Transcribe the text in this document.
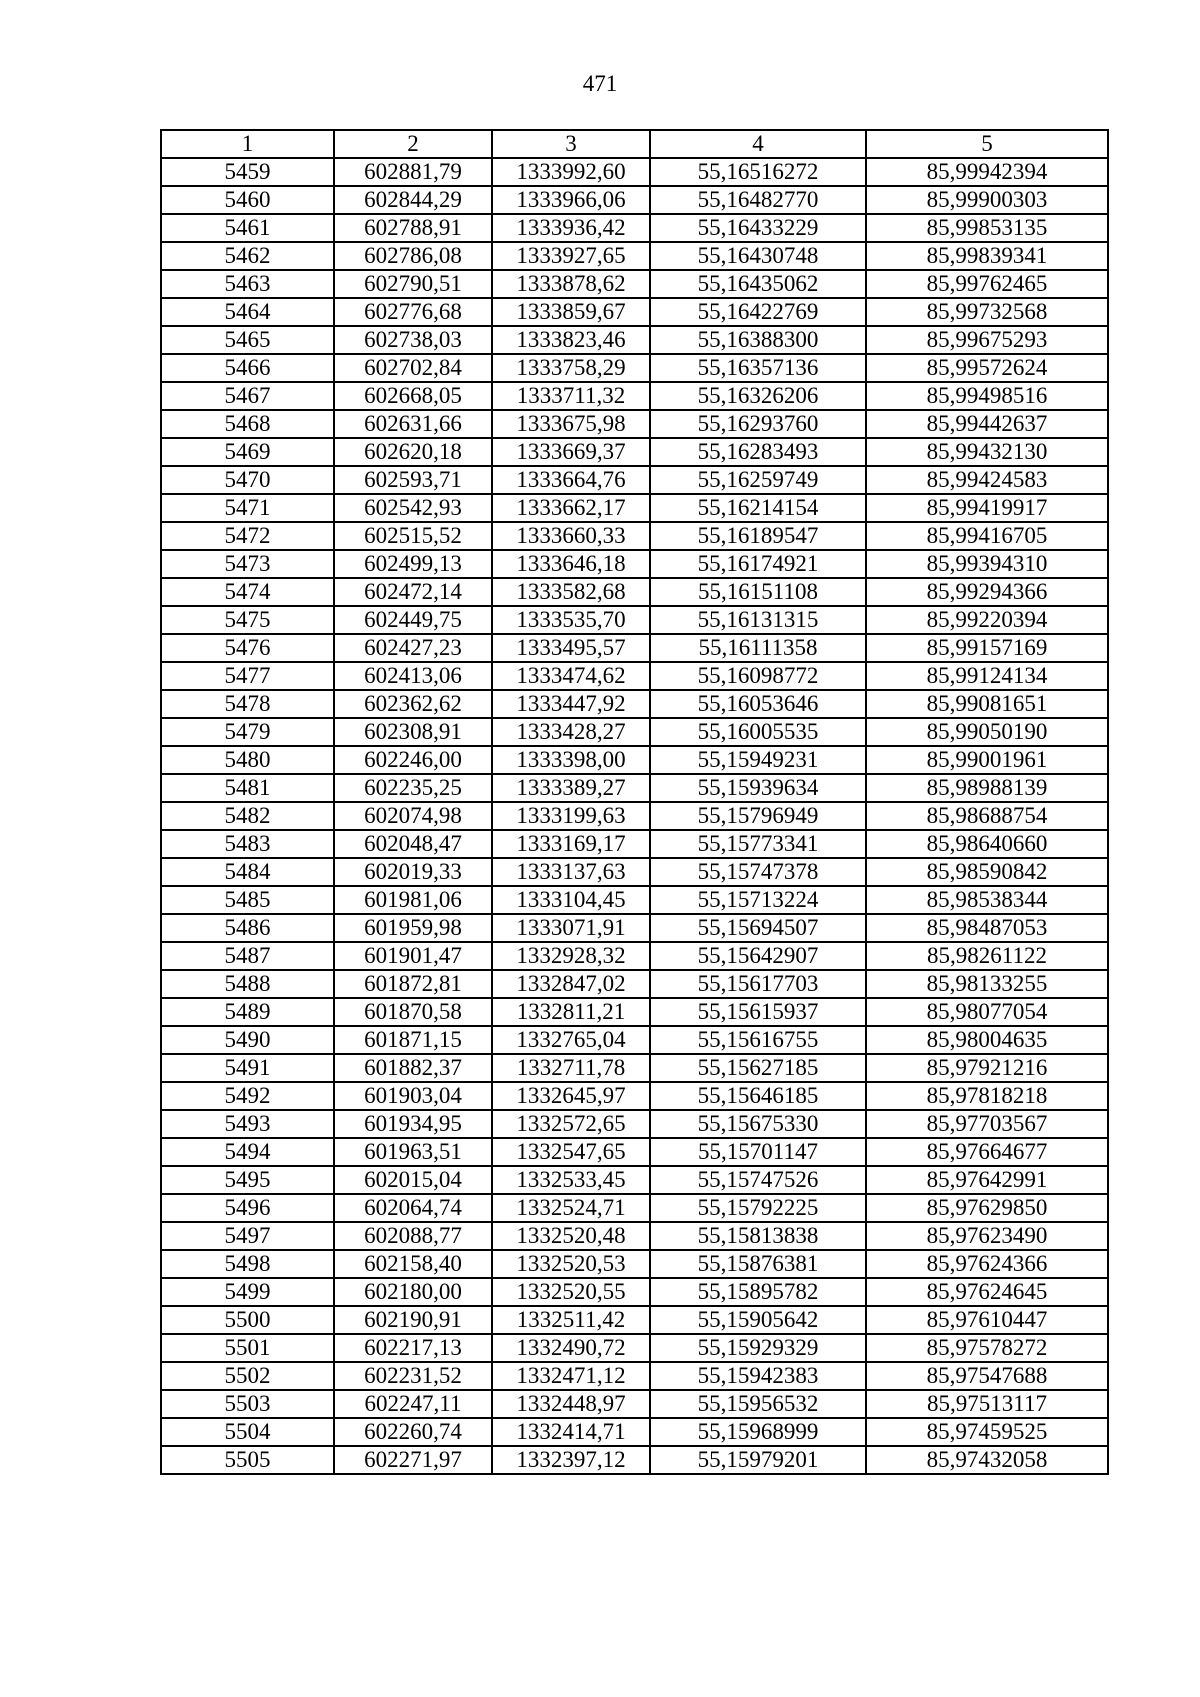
471
1	2	3	4	5
5459	602881,79	1333992,60	55,16516272	85,99942394
5460	602844,29	1333966,06	55,16482770	85,99900303
5461	602788,91	1333936,42	55,16433229	85,99853135
5462	602786,08	1333927,65	55,16430748	85,99839341
5463	602790,51	1333878,62	55,16435062	85,99762465
5464	602776,68	1333859,67	55,16422769	85,99732568
5465	602738,03	1333823,46	55,16388300	85,99675293
5466	602702,84	1333758,29	55,16357136	85,99572624
5467	602668,05	1333711,32	55,16326206	85,99498516
5468	602631,66	1333675,98	55,16293760	85,99442637
5469	602620,18	1333669,37	55,16283493	85,99432130
5470	602593,71	1333664,76	55,16259749	85,99424583
5471	602542,93	1333662,17	55,16214154	85,99419917
5472	602515,52	1333660,33	55,16189547	85,99416705
5473	602499,13	1333646,18	55,16174921	85,99394310
5474	602472,14	1333582,68	55,16151108	85,99294366
5475	602449,75	1333535,70	55,16131315	85,99220394
5476	602427,23	1333495,57	55,16111358	85,99157169
5477	602413,06	1333474,62	55,16098772	85,99124134
5478	602362,62	1333447,92	55,16053646	85,99081651
5479	602308,91	1333428,27	55,16005535	85,99050190
5480	602246,00	1333398,00	55,15949231	85,99001961
5481	602235,25	1333389,27	55,15939634	85,98988139
5482	602074,98	1333199,63	55,15796949	85,98688754
5483	602048,47	1333169,17	55,15773341	85,98640660
5484	602019,33	1333137,63	55,15747378	85,98590842
5485	601981,06	1333104,45	55,15713224	85,98538344
5486	601959,98	1333071,91	55,15694507	85,98487053
5487	601901,47	1332928,32	55,15642907	85,98261122
5488	601872,81	1332847,02	55,15617703	85,98133255
5489	601870,58	1332811,21	55,15615937	85,98077054
5490	601871,15	1332765,04	55,15616755	85,98004635
5491	601882,37	1332711,78	55,15627185	85,97921216
5492	601903,04	1332645,97	55,15646185	85,97818218
5493	601934,95	1332572,65	55,15675330	85,97703567
5494	601963,51	1332547,65	55,15701147	85,97664677
5495	602015,04	1332533,45	55,15747526	85,97642991
5496	602064,74	1332524,71	55,15792225	85,97629850
5497	602088,77	1332520,48	55,15813838	85,97623490
5498	602158,40	1332520,53	55,15876381	85,97624366
5499	602180,00	1332520,55	55,15895782	85,97624645
5500	602190,91	1332511,42	55,15905642	85,97610447
5501	602217,13	1332490,72	55,15929329	85,97578272
5502	602231,52	1332471,12	55,15942383	85,97547688
5503	602247,11	1332448,97	55,15956532	85,97513117
5504	602260,74	1332414,71	55,15968999	85,97459525
5505	602271,97	1332397,12	55,15979201	85,97432058
